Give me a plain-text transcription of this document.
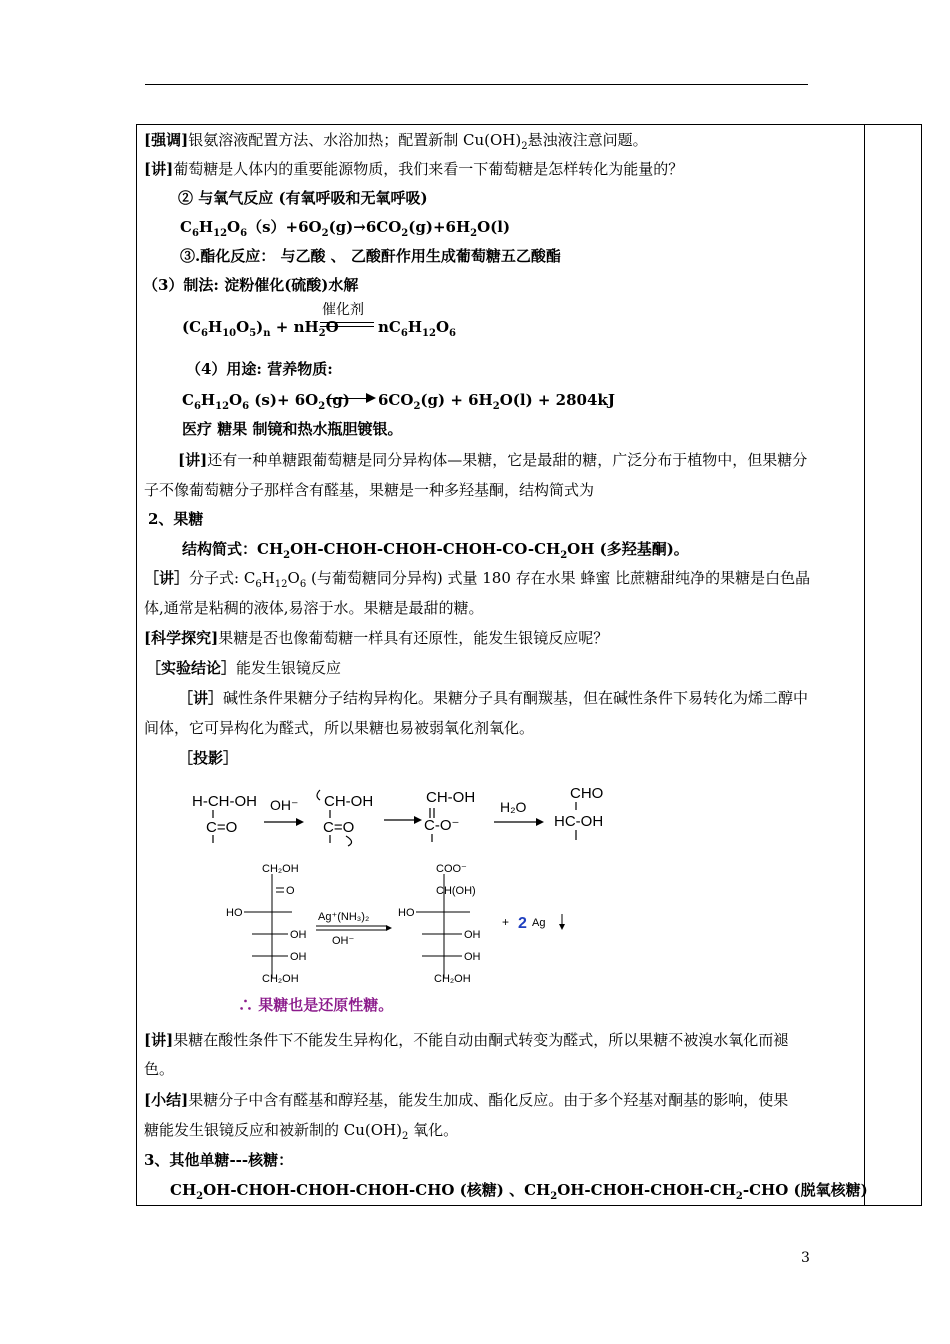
[强调]银氨溶液配置方法、水浴加热；配置新制 $Cu(OH)_2$悬浊液注意问题。
[讲]葡萄糖是人体内的重要能源物质，我们来看一下葡萄糖是怎样转化为能量的？
② 与氧气反应 (有氧呼吸和无氧呼吸)
$C_6H_{12}O_6(s)+6O_2(g)\to 6CO_2(g)+6H_2O(l)$
③.酯化反应： 与乙酸 、 乙酸酐作用生成葡萄糖五乙酸酯
（3）制法: 淀粉催化(硫酸)水解
$(C_6H_{10}O_5)_n + nH_2O$
催化剂
$nC_6H_{12}O_6$
（4）用途: 营养物质:
$C_6H_{12}O_6$ $(s)+ 6O_2(g) 6CO_2(g) + 6H_2O(l) + 2804kJ$
医疗 糖果 制镜和热水瓶胆镀银。
[讲]还有一种单糖跟葡萄糖是同分异构体—果糖，它是最甜的糖，广泛分布于植物中，但果糖分
子不像葡萄糖分子那样含有醛基，果糖是一种多羟基酮，结构简式为
2、果糖
结构简式：$CH_2OH-CHOH-CHOH-CHOH-CO-CH_2OH$ (多羟基酮)。
［讲］分子式: $C_6H_{12}O_6$ (与葡萄糖同分异构) 式量 180 存在水果 蜂蜜 比蔗糖甜纯净的果糖是白色晶
体,通常是粘稠的液体,易溶于水。果糖是最甜的糖。
[科学探究]果糖是否也像葡萄糖一样具有还原性，能发生银镜反应呢？
［实验结论］能发生银镜反应
［讲］碱性条件果糖分子结构异构化。果糖分子具有酮羰基，但在碱性条件下易转化为烯二醇中
间体，它可异构化为醛式，所以果糖也易被弱氧化剂氧化。
［投影］
H-CH-OH
C=O
OH⁻ CH-OH
C=O
CH-OH
C-O⁻
H₂O
CHO
HC-OH
CH₂OH
O
HO
OH
OH
CH₂OH
Ag⁺(NH₃)₂
OH⁻
COO⁻
CH(OH)
HO
OH
OH
CH₂OH
+ 2 Ag
∴ 果糖也是还原性糖。
[讲]果糖在酸性条件下不能发生异构化，不能自动由酮式转变为醛式，所以果糖不被溴水氧化而褪
色。
[小结]果糖分子中含有醛基和醇羟基，能发生加成、酯化反应。由于多个羟基对酮基的影响，使果
糖能发生银镜反应和被新制的 $Cu(OH)_2$ 氧化。
3、其他单糖---核糖：
$CH_2OH-CHOH-CHOH-CHOH$-CHO (核糖) 、$CH_2OH-CHOH-CHOH-CH_2$-CHO (脱氧核糖)
3
